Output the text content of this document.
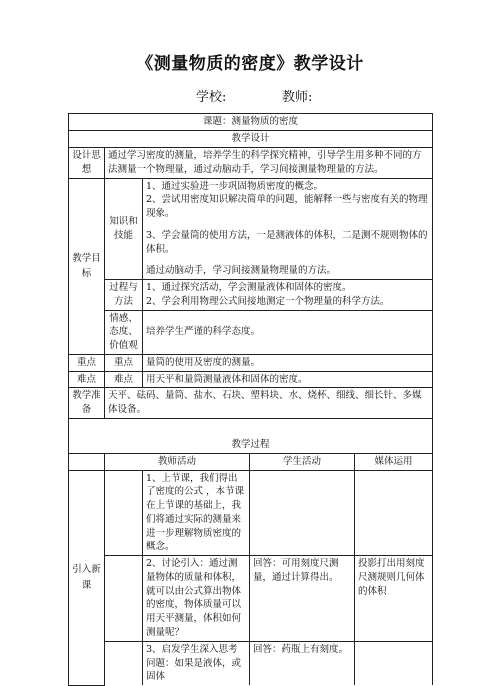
《测量物质的密度》教学设计
学校:	教师:
课题：测量物质的密度				
教学设计				
设计思想	通过学习密度的测量，培养学生的科学探究精神，引导学生用多种不同的方法测量一个物理量，通过动脑动手，学习间接测量物理量的方法。			
教学目标	知识和技能	1、通过实验进一步巩固物质密度的概念。
2、尝试用密度知识解决简单的问题，能解释一些与密度有关的物理现象。
3、学会量筒的使用方法，一是测液体的体积，二是测不规则物体的体积。
通过动脑动手，学习间接测量物理量的方法。		

	过程与方法	1、通过探究活动，学会测量液体和固体的密度。
2、学会利用物理公式间接地测定一个物理量的科学方法。		

	情感、态度、价值观	培养学生严谨的科学态度。		
重点	重点	量筒的使用及密度的测量。		
难点	难点	用天平和量筒测量液体和固体的密度。		
教学准备	天平、砝码、量筒、盐水、石块、塑料块、水、烧杯、细线、细长针、多媒体设备。			

教学过程				
	教师活动		学生活动	媒体运用
引入新课		1、上节课，我们得出了密度的公式 ，本节课在上节课的基础上，我们将通过实际的测量来进一步理解物质密度的概念。		
		2、讨论引入：通过测量物体的质量和体积，就可以由公式算出物体的密度，物体质量可以用天平测量，体积如何测量呢？	回答：可用刻度尺测量，通过计算得出。	投影打出用刻度尺测规则几何体的体积
		3、启发学生深入思考问题：如果是液体，或固体	回答：药瓶上有刻度。	
